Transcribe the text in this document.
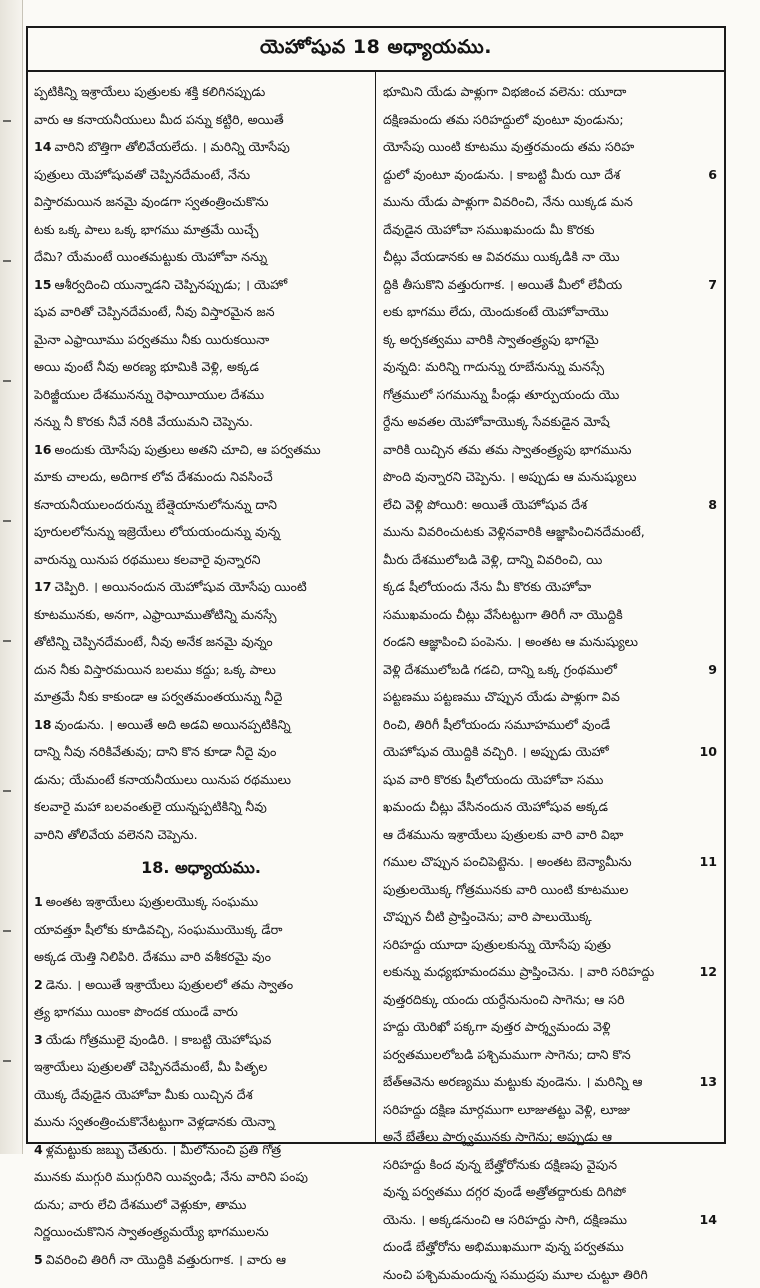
యెహోషువ 18 అధ్యాయము.
ప్పటికిన్ని ఇశ్రాయేలు పుత్రులకు శక్తి కలిగినప్పుడు
వారు ఆ కనాయనీయులు మీద పన్ను కట్టిరి, అయితే
14 వారిని బొత్తిగా తోలివేయలేదు. । మరిన్ని యోసేపు
పుత్రులు యెహోషువతో చెప్పినదేమంటే, నేను
విస్తారమయిన జనమై వుండగా స్వతంత్రించుకొను
టకు ఒక్క పాలు ఒక్క భాగము మాత్రమే యిచ్చే
దేమి? యేమంటే యింతమట్టుకు యెహోవా నన్ను
15 ఆశీర్వదించి యున్నాడని చెప్పినప్పుడు; । యెహో
షువ వారితో చెప్పినదేమంటే, నీవు విస్తారమైన జన
మైనా ఎఫ్రాయీము పర్వతము నీకు యిరుకయినా
అయి వుంటే నీవు అరణ్య భూమికి వెళ్లి, అక్కడ
పెరిజ్జీయుల దేశమునన్ను రెఫాయీయుల దేశము
నన్ను నీ కొరకు నీవే నరికి వేయుమని చెప్పెను.
16 అందుకు యోసేపు పుత్రులు అతని చూచి, ఆ పర్వతము
మాకు చాలదు, అదిగాక లోవ దేశమందు నివసించే
కనాయనీయులందరున్ను బేత్షెయానులోనున్ను దాని
పూరులలోనున్ను ఇజ్రెయేలు లోయయందున్ను వున్న
వారున్ను యినుప రథములు కలవారై వున్నారని
17 చెప్పిరి. । అయినందున యెహోషువ యోసేపు యింటి
కూటమునకు, అనగా, ఎఫ్రాయీముతోటిన్ని మనస్సే
తోటిన్ని చెప్పినదేమంటే, నీవు అనేక జనమై వున్నం
దున నీకు విస్తారమయిన బలము కద్దు; ఒక్క పాలు
మాత్రమే నీకు కాకుండా ఆ పర్వతమంతయున్ను నీదై
18 వుండును. । అయితే అది అడవి అయినప్పటికిన్ని
దాన్ని నీవు నరికివేతువు; దాని కొన కూడా నీదై వుం
డును; యేమంటే కనాయనీయులు యినుప రథములు
కలవారై మహా బలవంతులై యున్నప్పటికిన్ని నీవు
వారిని తోలివేయ వలెనని చెప్పెను.
18. అధ్యాయము.
1 అంతట ఇశ్రాయేలు పుత్రులయొక్క సంఘము
యావత్తూ షీలోకు కూడివచ్చి, సంఘముయొక్క డేరా
అక్కడ యెత్తి నిలిపిరి. దేశము వారి వశీకరమై వుం
2 డెను. । అయితే ఇశ్రాయేలు పుత్రులలో తమ స్వాతం
త్ర్య భాగము యింకా పొందక యుండే వారు
3 యేడు గోత్రములై వుండిరి. । కాబట్టి యెహోషువ
ఇశ్రాయేలు పుత్రులతో చెప్పినదేమంటే, మీ పితృల
యొక్క దేవుడైన యెహోవా మీకు యిచ్చిన దేశ
మును స్వతంత్రించుకొనేటట్టుగా వెళ్లడానకు యెన్నా
4 ళ్లమట్టుకు జబ్బు చేతురు. । మీలోనుంచి ప్రతి గోత్ర
మునకు ముగ్గురి ముగ్గురిని యివ్వండి; నేను వారిని పంపు
దును; వారు లేచి దేశములో వెళ్లుకూ, తాము
నిర్ణయించుకొనిన స్వాతంత్ర్యమయ్యే భాగములను
5 వివరించి తిరిగీ నా యొద్దికి వత్తురుగాక. । వారు ఆ
భూమిని యేడు పాళ్లుగా విభజించ వలెను: యూదా
దక్షిణమందు తమ సరిహద్దులో వుంటూ వుండును;
యోసేపు యింటి కూటము వుత్తరమందు తమ సరిహ
ద్దులో వుంటూ వుండును. । కాబట్టి మీరు యీ దేశ	6
మును యేడు పాళ్లుగా వివరించి, నేను యిక్కడ మన
దేవుడైన యెహోవా సముఖమందు మీ కొరకు
చీట్లు వేయడానకు ఆ వివరము యిక్కడికి నా యొ
ద్దికి తీసుకొని వత్తురుగాక. । అయితే మీలో లేవీయ	7
లకు భాగము లేదు, యెందుకంటే యెహోవాయొ
క్క అర్చకత్వము వారికి స్వాతంత్ర్యపు భాగమై
వున్నది: మరిన్ని గాదున్ను రూబేనున్ను మనస్సే
గోత్రములో సగమున్ను పీండ్లు తూర్పుయందు యొ
ర్దేను అవతల యెహోవాయొక్క సేవకుడైన మోషే
వారికి యిచ్చిన తమ తమ స్వాతంత్ర్యపు భాగమును
పొంది వున్నారని చెప్పెను. । అప్పుడు ఆ మనుష్యులు
లేచి వెళ్లి పోయిరి: అయితే యెహోషువ దేశ	8
మును వివరించుటకు వెళ్లినవారికి ఆజ్ఞాపించినదేమంటే,
మీరు దేశములోబడి వెళ్లి, దాన్ని వివరించి, యి
క్కడ షీలోయందు నేను మీ కొరకు యెహోవా
సముఖమందు చీట్లు వేసేటట్టుగా తిరిగీ నా యొద్దికి
రండని ఆజ్ఞాపించి పంపెను. । అంతట ఆ మనుష్యులు
వెళ్లి దేశములోబడి గడచి, దాన్ని ఒక్క గ్రంథములో	9
పట్టణము పట్టణము చొప్పున యేడు పాళ్లుగా వివ
రించి, తిరిగీ షీలోయందు సమూహములో వుండే
యెహోషువ యొద్దికి వచ్చిరి. । అప్పుడు యెహో	10
షువ వారి కొరకు షీలోయందు యెహోవా సము
ఖమందు చీట్లు వేసినందున యెహోషువ అక్కడ
ఆ దేశమును ఇశ్రాయేలు పుత్రులకు వారి వారి విభా
గముల చొప్పున పంచిపెట్టెను. । అంతట బెన్యామీను	11
పుత్రులయొక్క గోత్రమునకు వారి యింటి కూటముల
చొప్పున చీటి ప్రాప్తించెను; వారి పాలుయొక్క
సరిహద్దు యూదా పుత్రులకున్ను యోసేపు పుత్రు
లకున్ను మధ్యభూమందము ప్రాప్తించెను. । వారి సరిహద్దు	12
వుత్తరదిక్కు యందు యర్దేనునుంచి సాగెను; ఆ సరి
హద్దు యెరిఖో పక్కగా వుత్తర పార్శ్వమందు వెళ్లి
పర్వతములలోబడి పశ్చిమముగా సాగెను; దాని కొన
బేత్ఆవెను అరణ్యము మట్టుకు వుండెను. । మరిన్ని ఆ	13
సరిహద్దు దక్షిణ మార్గముగా లూజుతట్టు వెళ్లి, లూజు
అనే బేతేలు పార్శ్వమునకు సాగెను; అప్పుడు ఆ
సరిహద్దు కింద వున్న బేత్హోరోనుకు దక్షిణపు వైపున
వున్న పర్వతము దగ్గర వుండే అత్రోతద్దారుకు దిగిపో
యెను. । అక్కడనుంచి ఆ సరిహద్దు సాగి, దక్షిణము	14
దుండే బేత్హోరోను అభిముఖముగా వున్న పర్వతము
నుంచి పశ్చిమమందున్న సముద్రపు మూల చుట్టూ తిరిగి
